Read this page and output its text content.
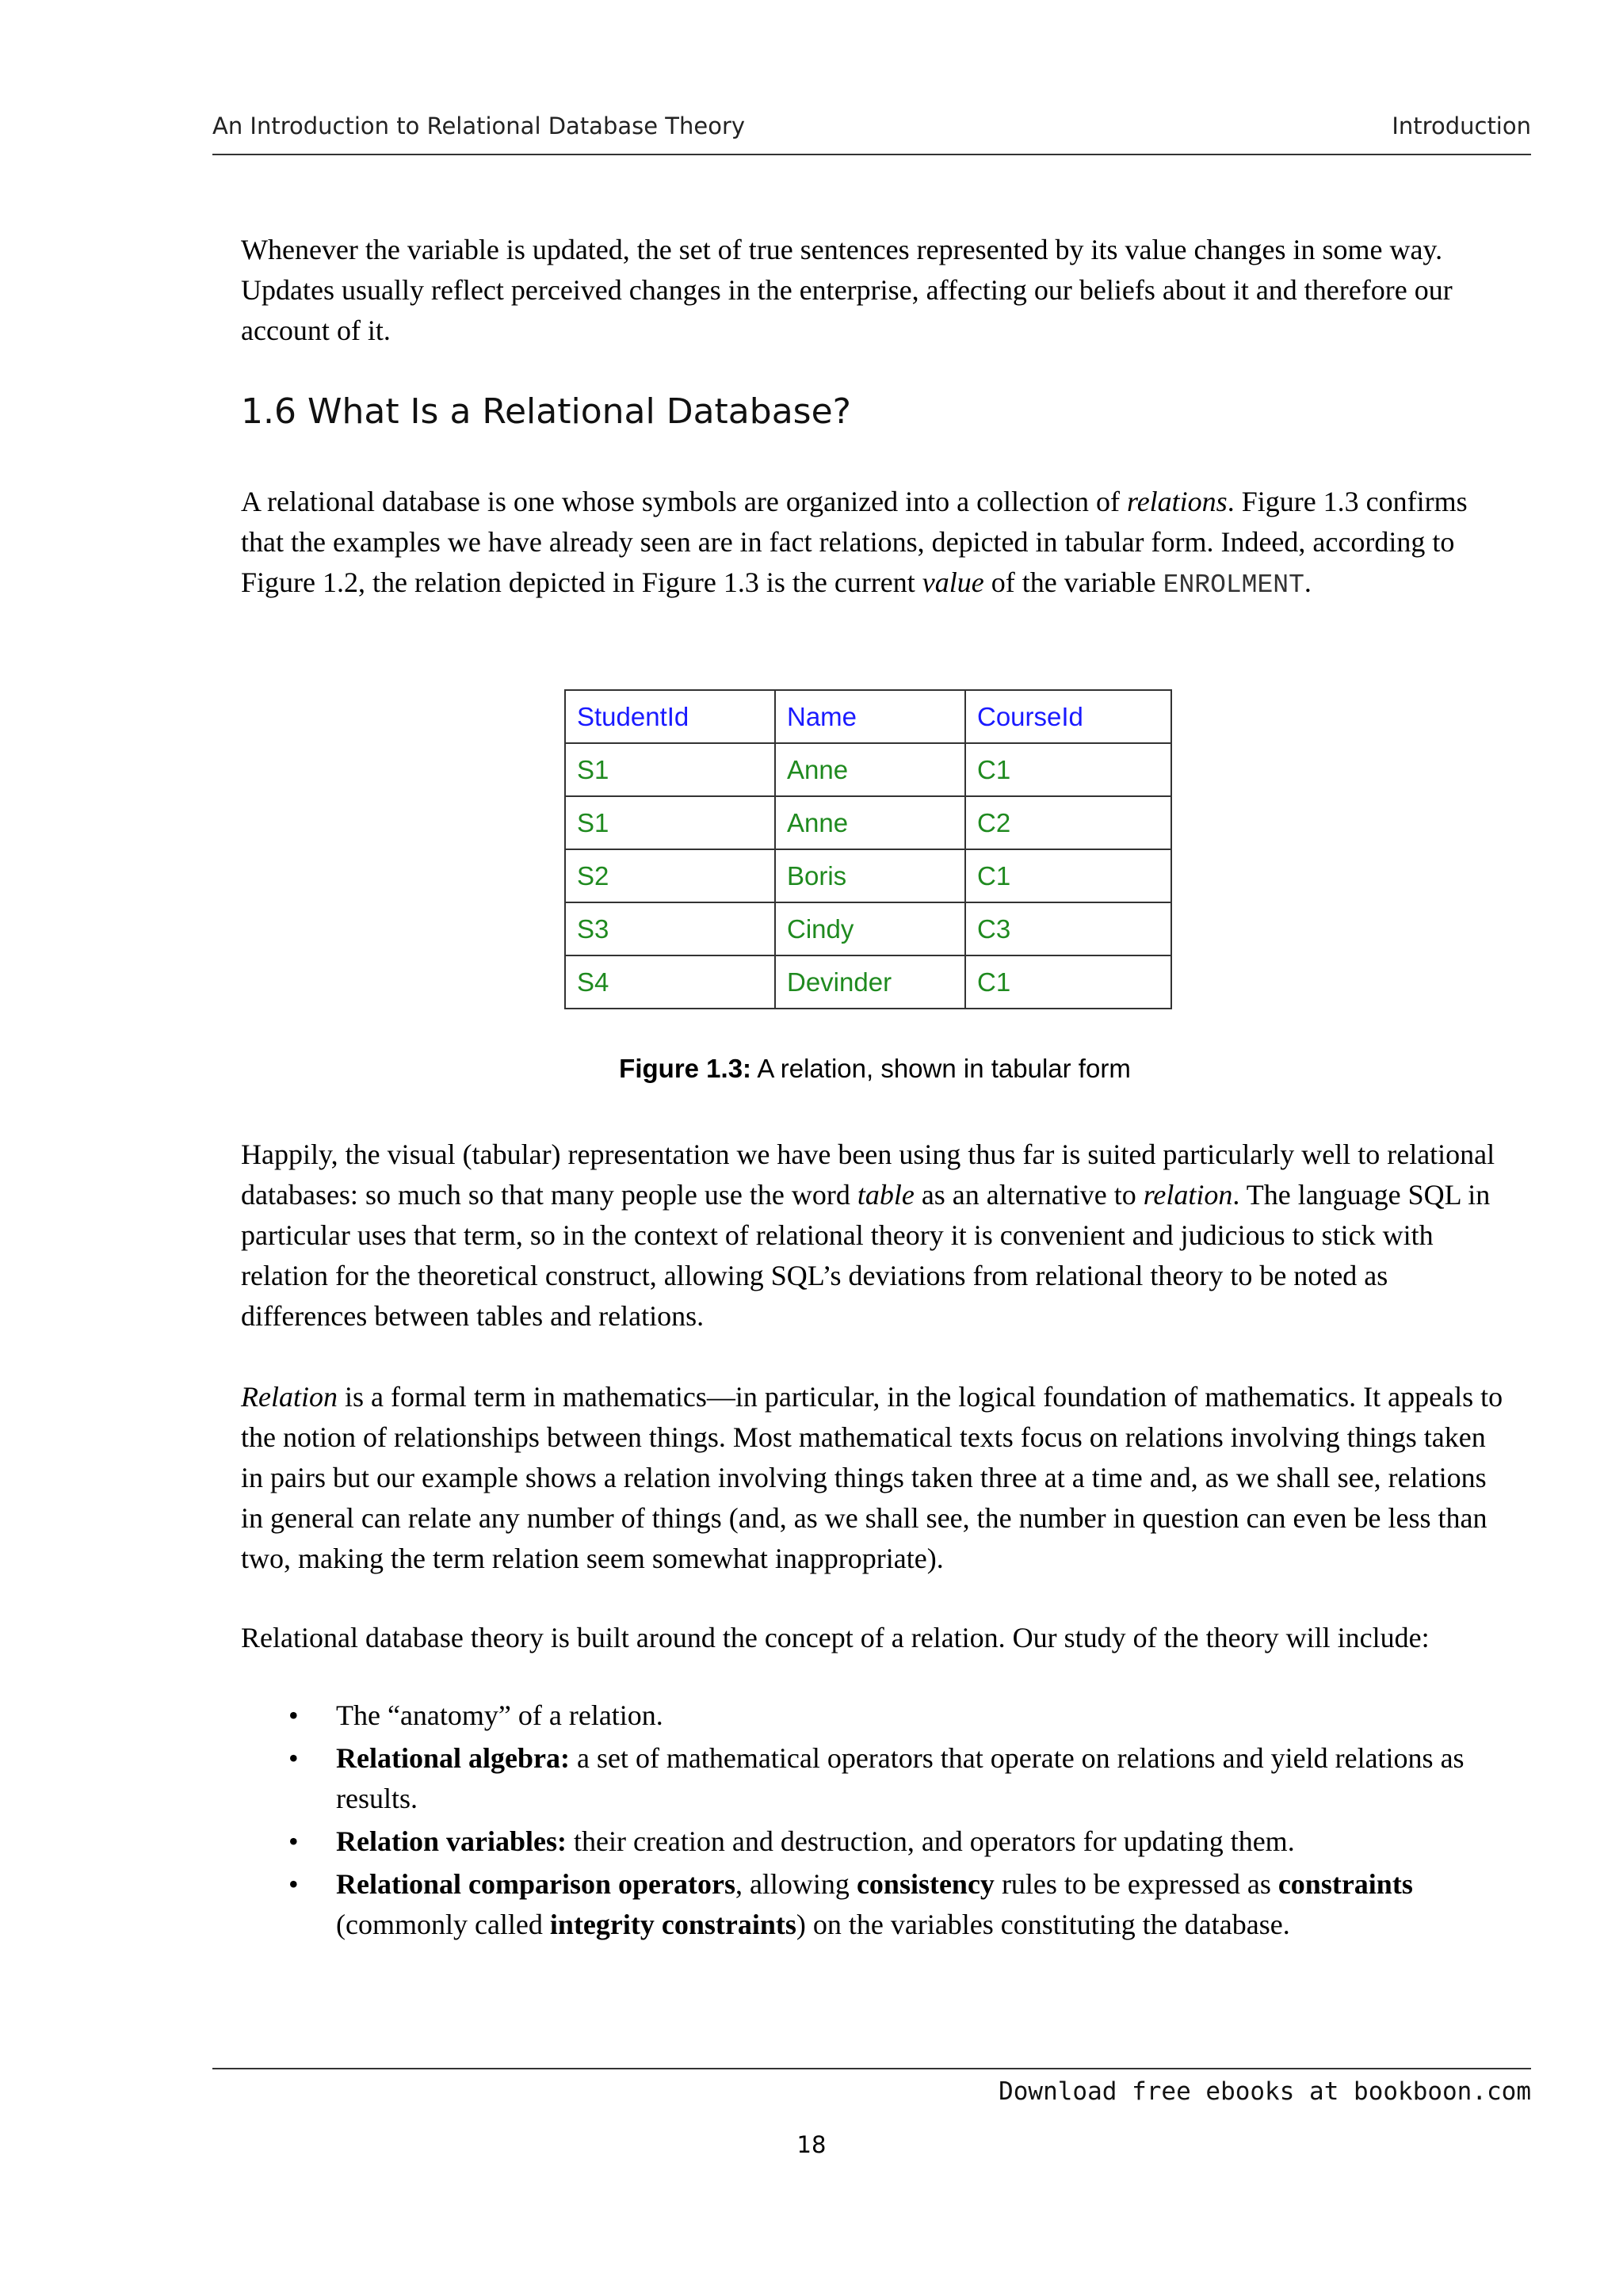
An Introduction to Relational Database Theory	Introduction

Whenever the variable is updated, the set of true sentences represented by its value changes in some way. Updates usually reflect perceived changes in the enterprise, affecting our beliefs about it and therefore our account of it.

1.6 What Is a Relational Database?

A relational database is one whose symbols are organized into a collection of relations. Figure 1.3 confirms that the examples we have already seen are in fact relations, depicted in tabular form. Indeed, according to Figure 1.2, the relation depicted in Figure 1.3 is the current value of the variable ENROLMENT.

StudentId	Name	CourseId
S1	Anne	C1
S1	Anne	C2
S2	Boris	C1
S3	Cindy	C3
S4	Devinder	C1
Figure 1.3: A relation, shown in tabular form

Happily, the visual (tabular) representation we have been using thus far is suited particularly well to relational databases: so much so that many people use the word table as an alternative to relation. The language SQL in particular uses that term, so in the context of relational theory it is convenient and judicious to stick with relation for the theoretical construct, allowing SQL’s deviations from relational theory to be noted as differences between tables and relations.

Relation is a formal term in mathematics—in particular, in the logical foundation of mathematics. It appeals to the notion of relationships between things. Most mathematical texts focus on relations involving things taken in pairs but our example shows a relation involving things taken three at a time and, as we shall see, relations in general can relate any number of things (and, as we shall see, the number in question can even be less than two, making the term relation seem somewhat inappropriate).

Relational database theory is built around the concept of a relation. Our study of the theory will include:

• The “anatomy” of a relation.
• Relational algebra: a set of mathematical operators that operate on relations and yield relations as results.
• Relation variables: their creation and destruction, and operators for updating them.
• Relational comparison operators, allowing consistency rules to be expressed as constraints (commonly called integrity constraints) on the variables constituting the database.
Download free ebooks at bookboon.com
18
